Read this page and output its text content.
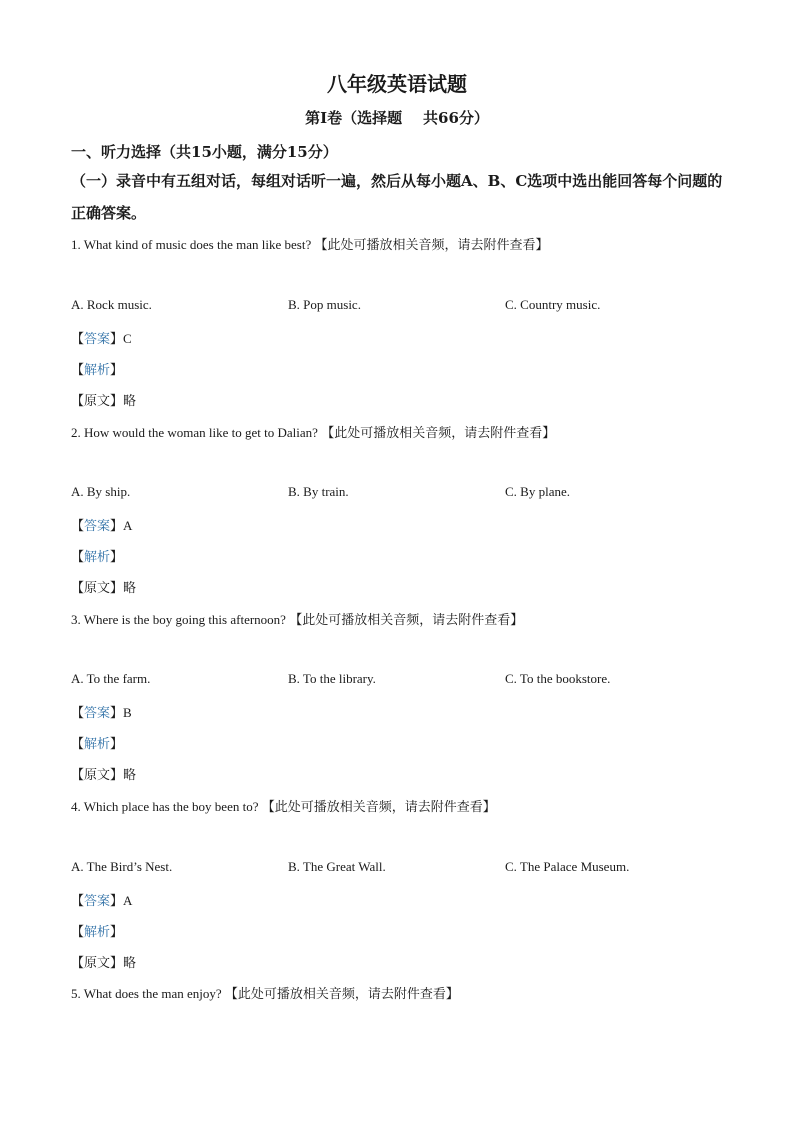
八年级英语试题
第Ⅰ卷（选择题    共66分）
一、听力选择（共15小题，满分15分）
（一）录音中有五组对话，每组对话听一遍，然后从每小题A、B、C选项中选出能回答每个问题的正确答案。
1. What kind of music does the man like best? 【此处可播放相关音频，请去附件查看】
A. Rock music.	B. Pop music.	C. Country music.
【答案】C
【解析】
【原文】略
2. How would the woman like to get to Dalian? 【此处可播放相关音频，请去附件查看】
A. By ship.	B. By train.	C. By plane.
【答案】A
【解析】
【原文】略
3. Where is the boy going this afternoon? 【此处可播放相关音频，请去附件查看】
A. To the farm.	B. To the library.	C. To the bookstore.
【答案】B
【解析】
【原文】略
4. Which place has the boy been to? 【此处可播放相关音频，请去附件查看】
A. The Bird’s Nest.	B. The Great Wall.	C. The Palace Museum.
【答案】A
【解析】
【原文】略
5. What does the man enjoy? 【此处可播放相关音频，请去附件查看】
